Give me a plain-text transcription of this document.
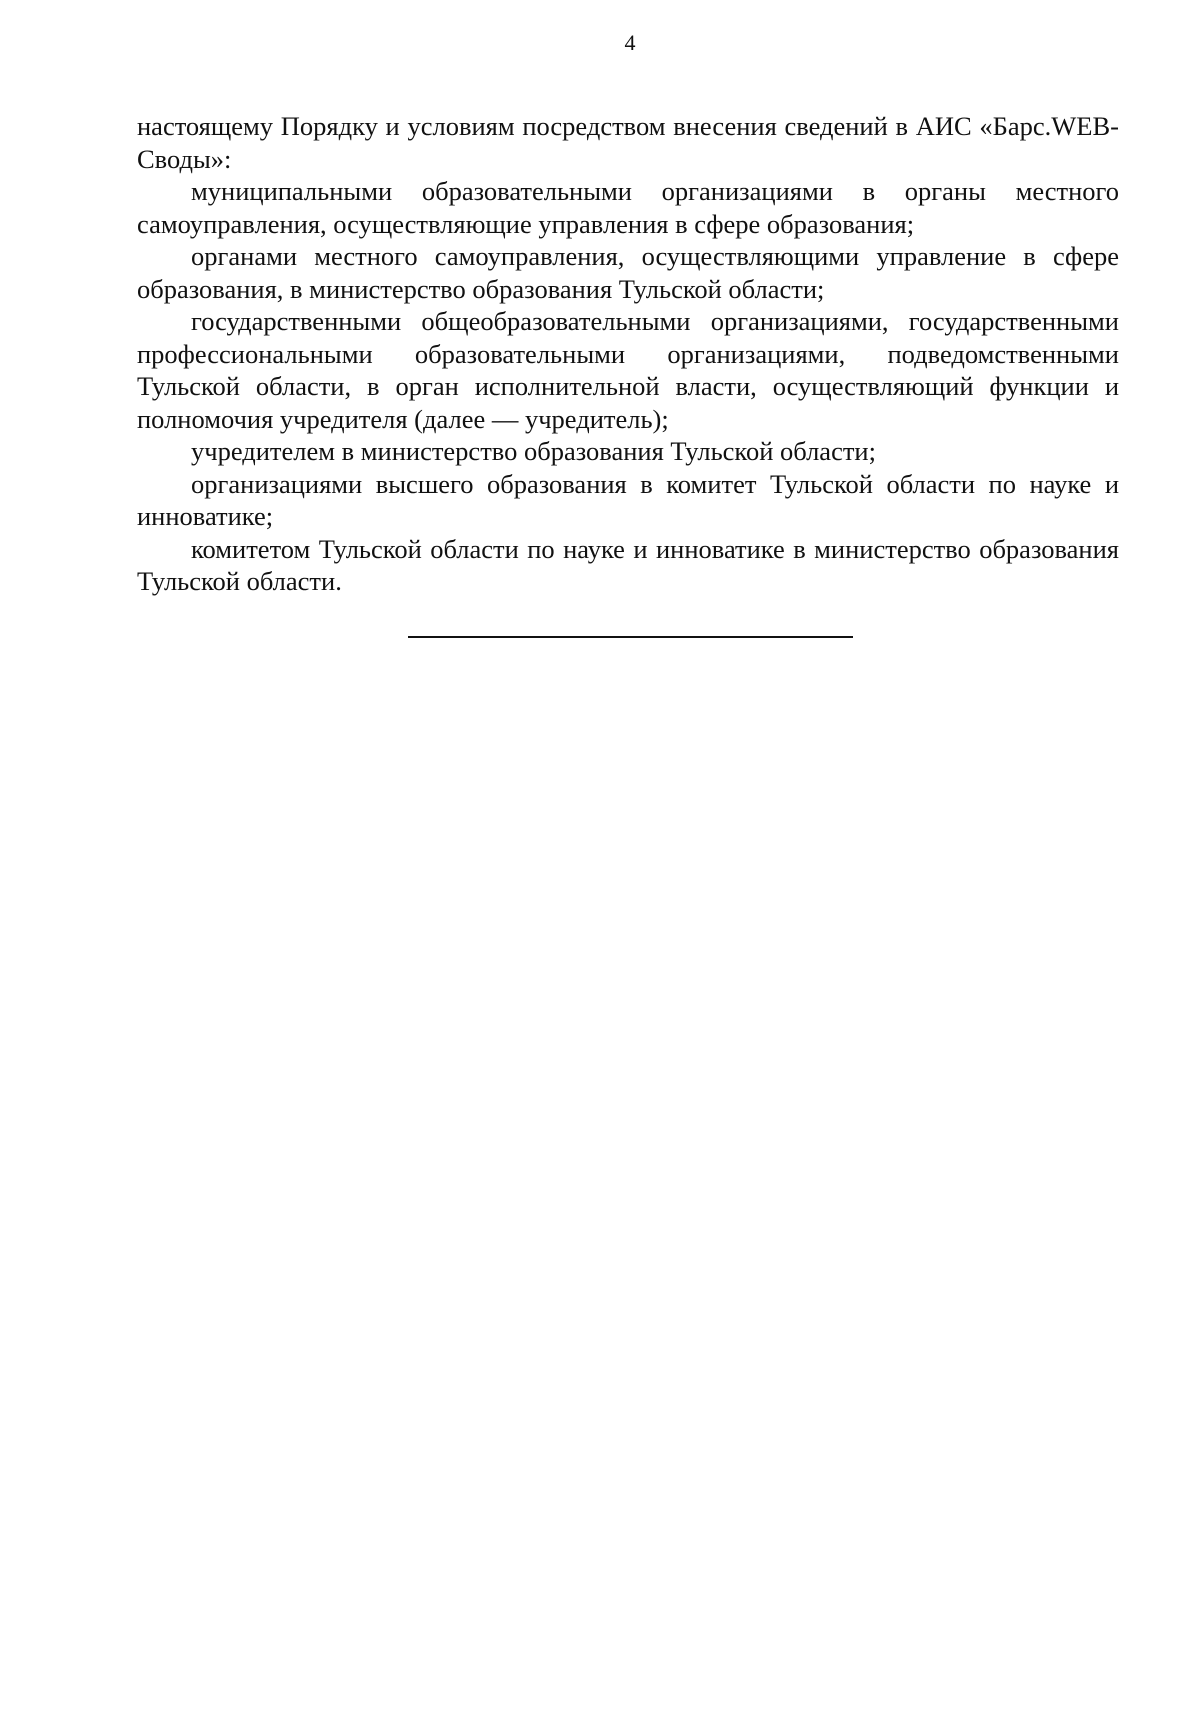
4

настоящему Порядку и условиям посредством внесения сведений в АИС «Барс.WEB-Своды»:

муниципальными образовательными организациями в органы местного самоуправления, осуществляющие управления в сфере образования;

органами местного самоуправления, осуществляющими управление в сфере образования, в министерство образования Тульской области;

государственными общеобразовательными организациями, государственными профессиональными образовательными организациями, подведомственными Тульской области, в орган исполнительной власти, осуществляющий функции и полномочия учредителя (далее — учредитель);

учредителем в министерство образования Тульской области;

организациями высшего образования в комитет Тульской области по науке и инноватике;

комитетом Тульской области по науке и инноватике в министерство образования Тульской области.
